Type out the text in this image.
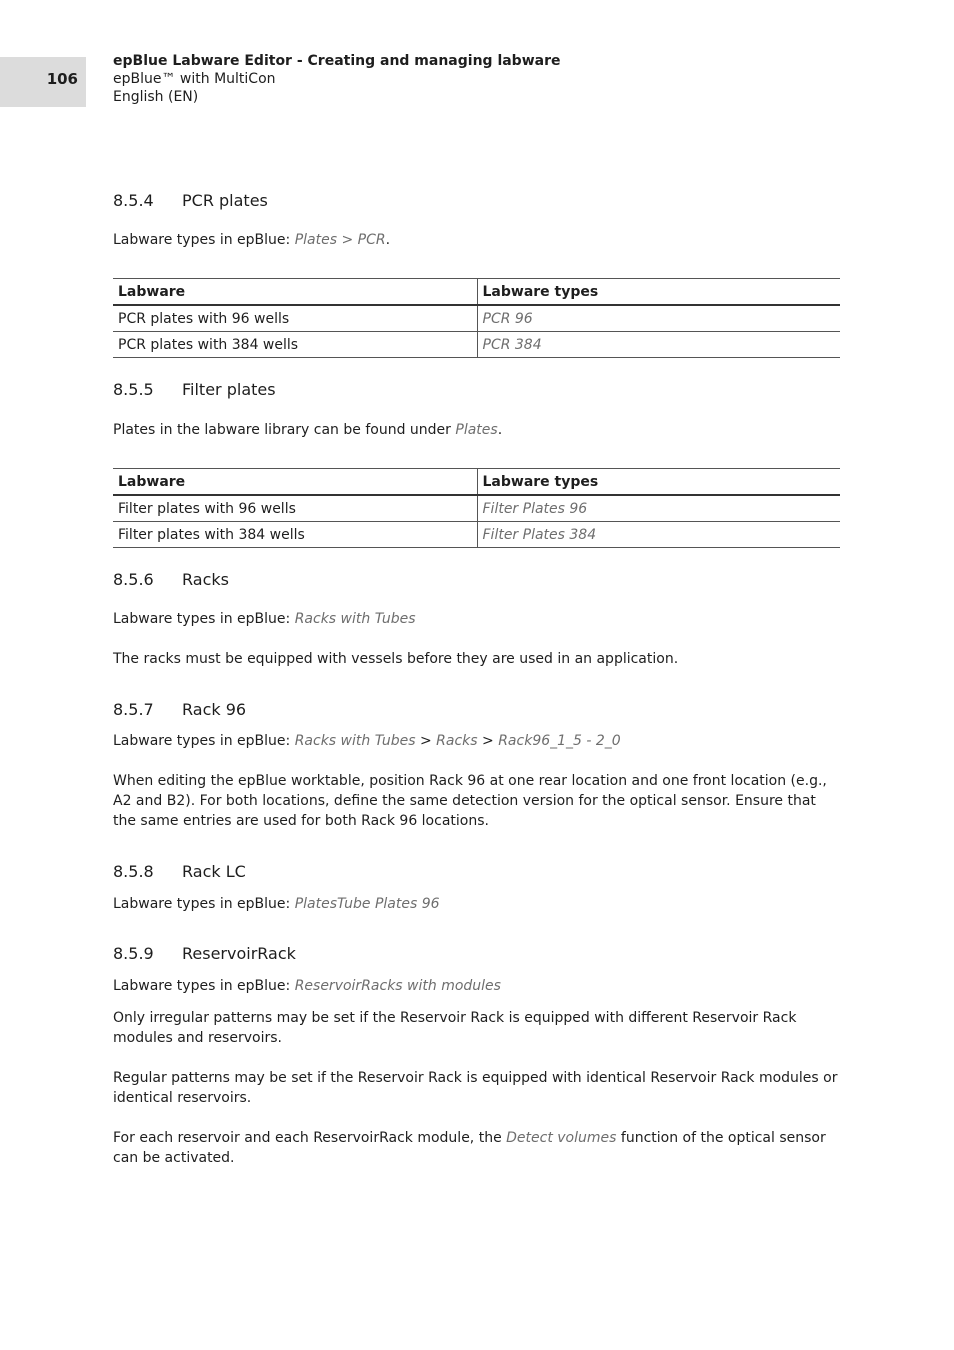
106
epBlue Labware Editor - Creating and managing labware
epBlue™ with MultiCon
English (EN)
8.5.4 PCR plates
Labware types in epBlue: Plates > PCR.
Labware	Labware types
PCR plates with 96 wells	PCR 96
PCR plates with 384 wells	PCR 384
8.5.5 Filter plates
Plates in the labware library can be found under Plates.
Labware	Labware types
Filter plates with 96 wells	Filter Plates 96
Filter plates with 384 wells	Filter Plates 384
8.5.6 Racks
Labware types in epBlue: Racks with Tubes
The racks must be equipped with vessels before they are used in an application.
8.5.7 Rack 96
Labware types in epBlue: Racks with Tubes > Racks > Rack96_1_5 - 2_0
When editing the epBlue worktable, position Rack 96 at one rear location and one front location (e.g., A2 and B2). For both locations, define the same detection version for the optical sensor. Ensure that the same entries are used for both Rack 96 locations.
8.5.8 Rack LC
Labware types in epBlue: PlatesTube Plates 96
8.5.9 ReservoirRack
Labware types in epBlue: ReservoirRacks with modules
Only irregular patterns may be set if the Reservoir Rack is equipped with different Reservoir Rack modules and reservoirs.
Regular patterns may be set if the Reservoir Rack is equipped with identical Reservoir Rack modules or identical reservoirs.
For each reservoir and each ReservoirRack module, the Detect volumes function of the optical sensor can be activated.
